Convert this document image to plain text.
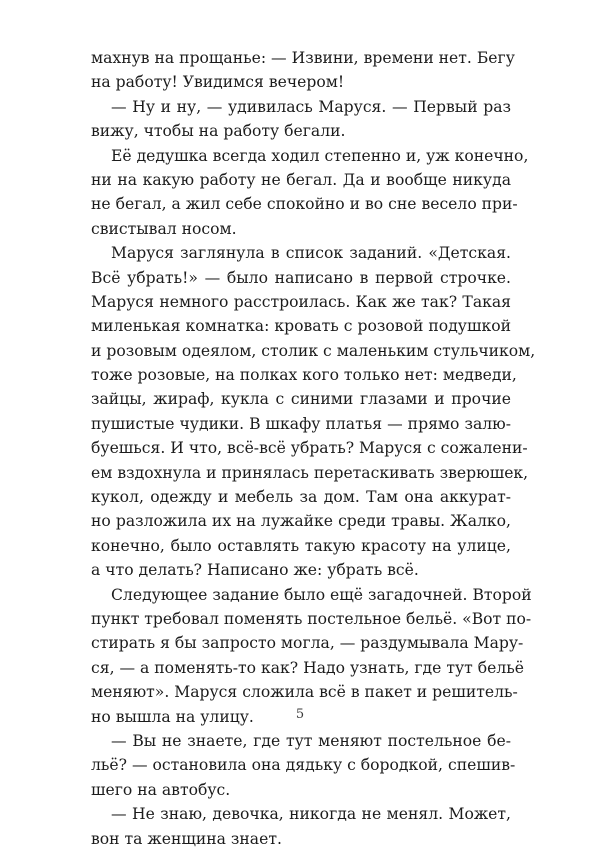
махнув на прощанье: — Извини, времени нет. Бегу
на работу! Увидимся вечером!
— Ну и ну, — удивилась Маруся. — Первый раз
вижу, чтобы на работу бегали.
Её дедушка всегда ходил степенно и, уж конечно,
ни на какую работу не бегал. Да и вообще никуда
не бегал, а жил себе спокойно и во сне весело при-
свистывал носом.
Маруся заглянула в список заданий. «Детская.
Всё убрать!» — было написано в первой строчке.
Маруся немного расстроилась. Как же так? Такая
миленькая комнатка: кровать с розовой подушкой
и розовым одеялом, столик с маленьким стульчиком,
тоже розовые, на полках кого только нет: медведи,
зайцы, жираф, кукла с синими глазами и прочие
пушистые чудики. В шкафу платья — прямо залю-
буешься. И что, всё-всё убрать? Маруся с сожалени-
ем вздохнула и принялась перетаскивать зверюшек,
кукол, одежду и мебель за дом. Там она аккурат-
но разложила их на лужайке среди травы. Жалко,
конечно, было оставлять такую красоту на улице,
а что делать? Написано же: убрать всё.
Следующее задание было ещё загадочней. Второй
пункт требовал поменять постельное бельё. «Вот по-
стирать я бы запросто могла, — раздумывала Мару-
ся, — а поменять-то как? Надо узнать, где тут бельё
меняют». Маруся сложила всё в пакет и решитель-
но вышла на улицу.
— Вы не знаете, где тут меняют постельное бе-
льё? — остановила она дядьку с бородкой, спешив-
шего на автобус.
— Не знаю, девочка, никогда не менял. Может,
вон та женщина знает.
5
